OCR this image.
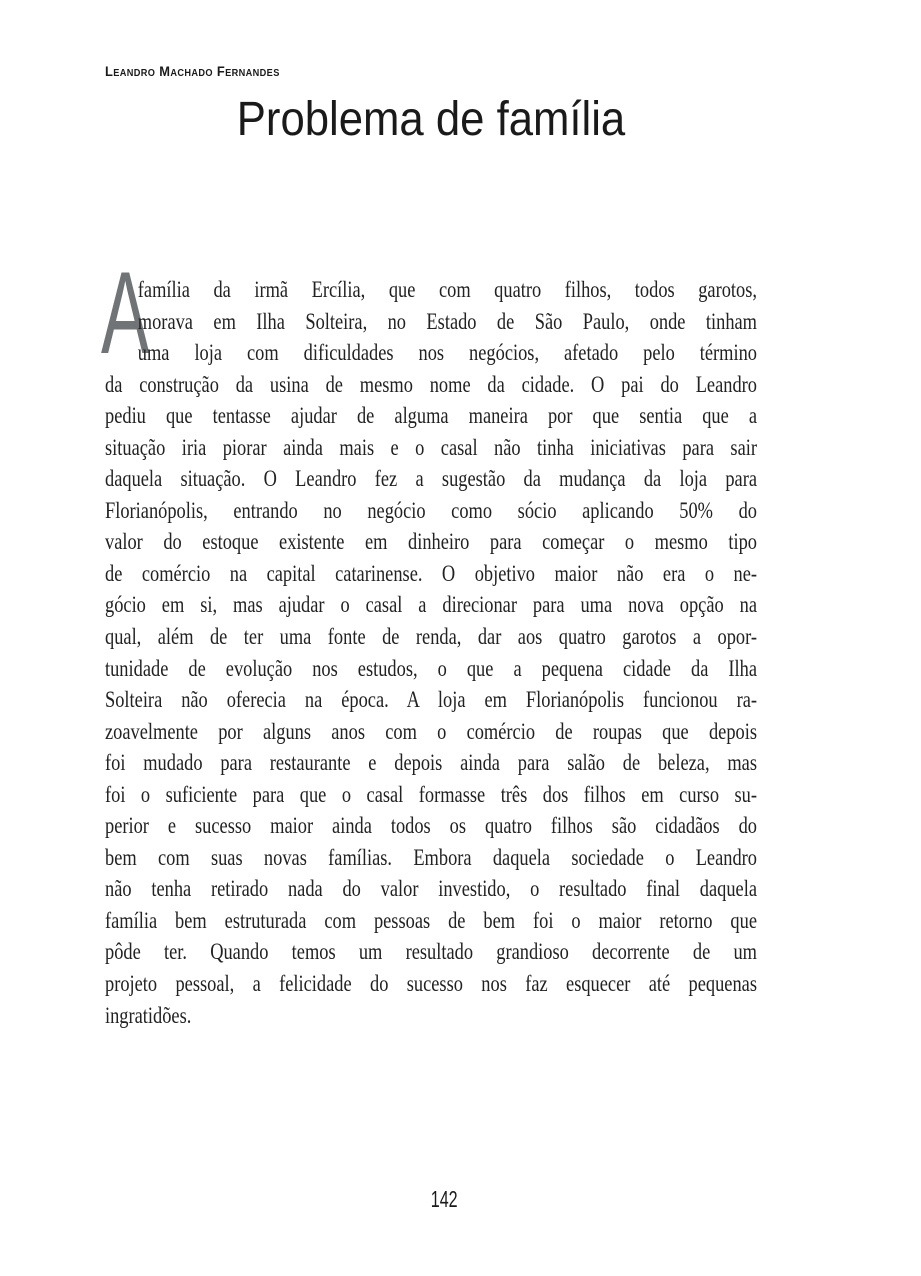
Leandro Machado Fernandes
Problema de família
A
família da irmã Ercília, que com quatro filhos, todos garotos,
morava em Ilha Solteira, no Estado de São Paulo, onde tinham
uma loja com dificuldades nos negócios, afetado pelo término
da construção da usina de mesmo nome da cidade. O pai do Leandro
pediu que tentasse ajudar de alguma maneira por que sentia que a
situação iria piorar ainda mais e o casal não tinha iniciativas para sair
daquela situação. O Leandro fez a sugestão da mudança da loja para
Florianópolis, entrando no negócio como sócio aplicando 50% do
valor do estoque existente em dinheiro para começar o mesmo tipo
de comércio na capital catarinense. O objetivo maior não era o ne-
gócio em si, mas ajudar o casal a direcionar para uma nova opção na
qual, além de ter uma fonte de renda, dar aos quatro garotos a opor-
tunidade de evolução nos estudos, o que a pequena cidade da Ilha
Solteira não oferecia na época. A loja em Florianópolis funcionou ra-
zoavelmente por alguns anos com o comércio de roupas que depois
foi mudado para restaurante e depois ainda para salão de beleza, mas
foi o suficiente para que o casal formasse três dos filhos em curso su-
perior e sucesso maior ainda todos os quatro filhos são cidadãos do
bem com suas novas famílias. Embora daquela sociedade o Leandro
não tenha retirado nada do valor investido, o resultado final daquela
família bem estruturada com pessoas de bem foi o maior retorno que
pôde ter. Quando temos um resultado grandioso decorrente de um
projeto pessoal, a felicidade do sucesso nos faz esquecer até pequenas
ingratidões.
142
